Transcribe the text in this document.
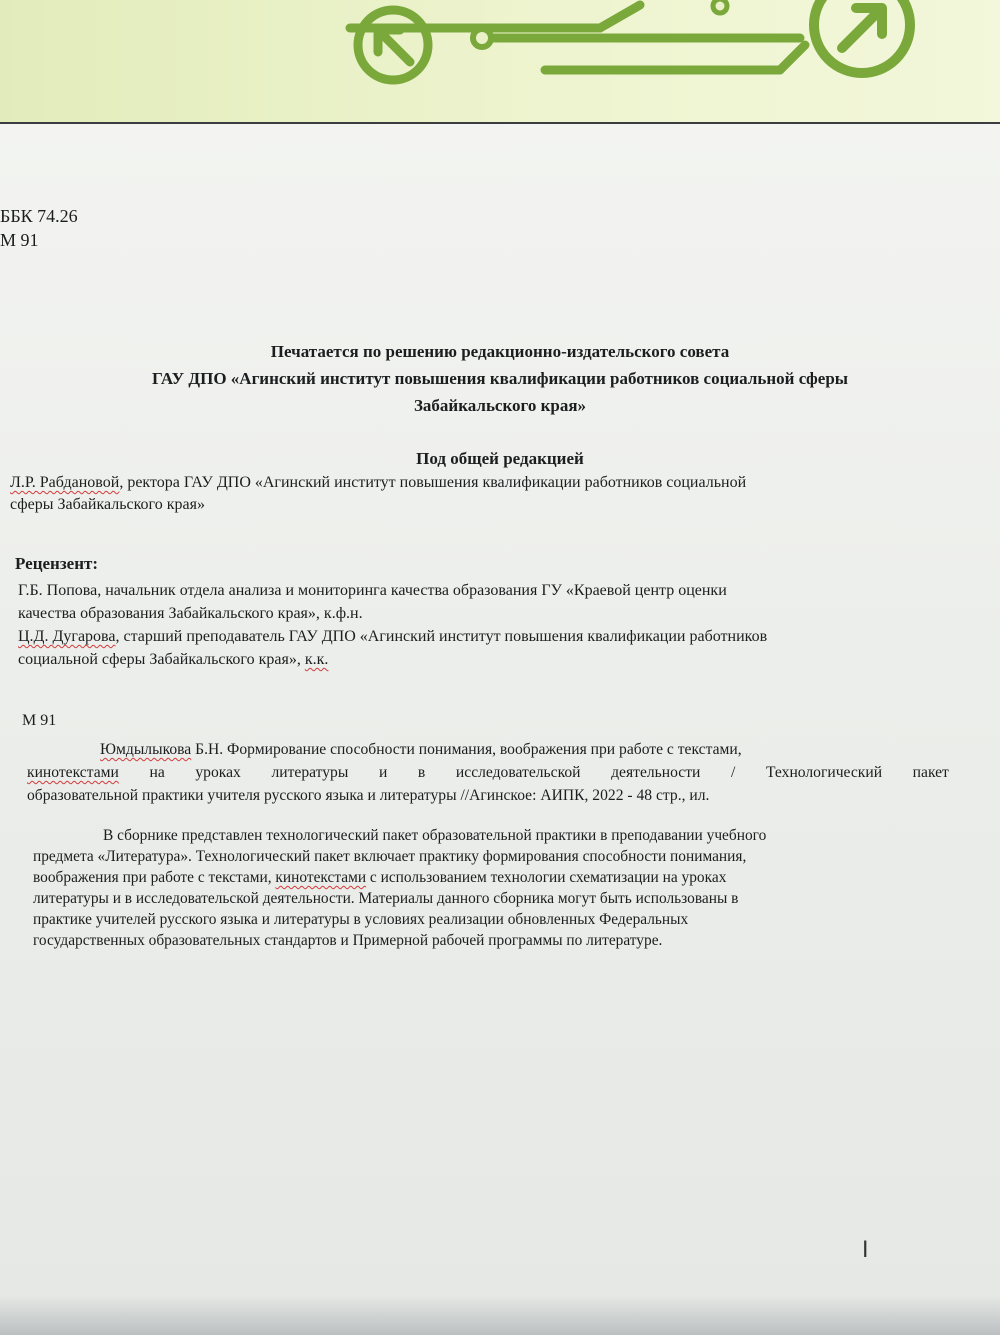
ББК 74.26

М 91

Печатается по решению редакционно-издательского совета

ГАУ ДПО «Агинский институт повышения квалификации работников социальной сферы

Забайкальского края»

Под общей редакцией

Л.Р. Рабдановой, ректора ГАУ ДПО «Агинский институт повышения квалификации работников социальной

сферы Забайкальского края»

Рецензент:

Г.Б. Попова, начальник отдела анализа и мониторинга качества образования ГУ «Краевой центр оценки

качества образования Забайкальского края», к.ф.н.

Ц.Д. Дугарова, старший преподаватель ГАУ ДПО «Агинский институт повышения квалификации работников

социальной сферы Забайкальского края», к.к.

М 91

Юмдылыкова Б.Н. Формирование способности понимания, воображения при работе с текстами,

кинотекстами на уроках литературы и в исследовательской деятельности / Технологический пакет

образовательной практики учителя русского языка и литературы //Агинское: АИПК, 2022 - 48 стр., ил.

В сборнике представлен технологический пакет образовательной практики в преподавании учебного

предмета «Литература». Технологический пакет включает практику формирования способности понимания,

воображения при работе с текстами, кинотекстами с использованием технологии схематизации на уроках

литературы и в исследовательской деятельности. Материалы данного сборника могут быть использованы в

практике учителей русского языка и литературы в условиях реализации обновленных Федеральных

государственных образовательных стандартов и Примерной рабочей программы по литературе.

I
